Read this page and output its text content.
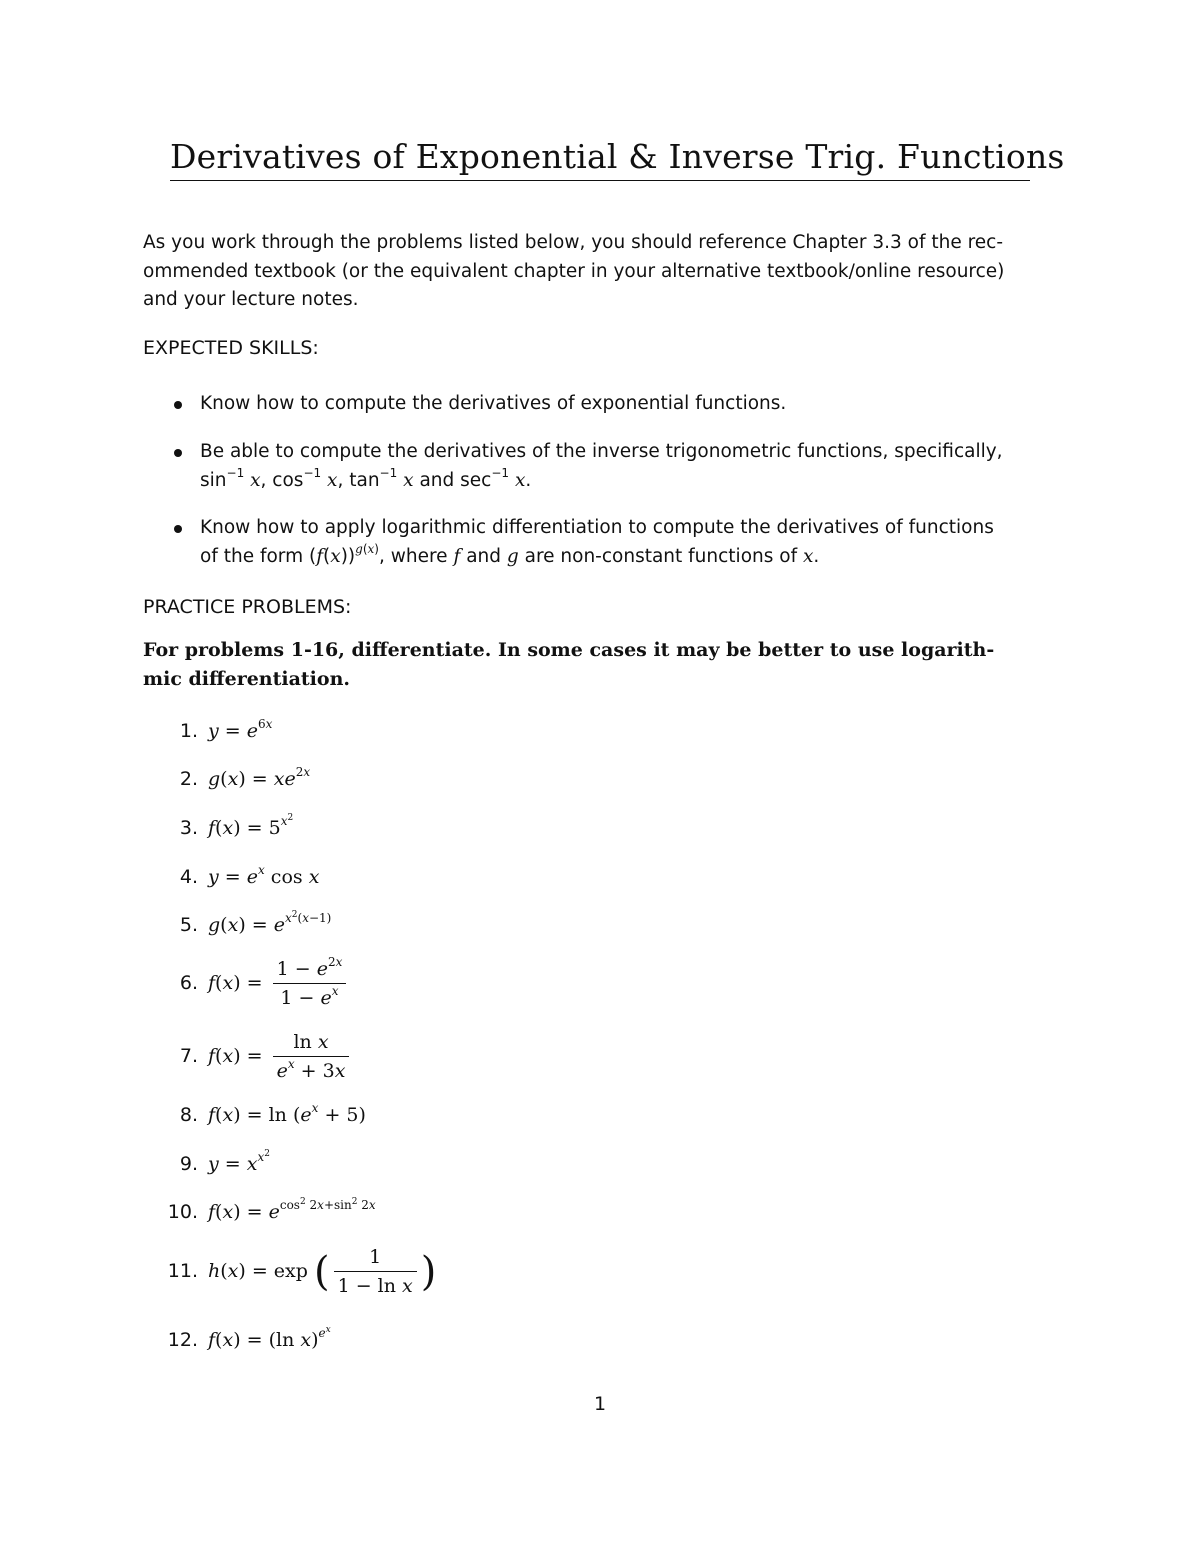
Derivatives of Exponential & Inverse Trig. Functions
As you work through the problems listed below, you should reference Chapter 3.3 of the rec-
ommended textbook (or the equivalent chapter in your alternative textbook/online resource)
and your lecture notes.
EXPECTED SKILLS:
Know how to compute the derivatives of exponential functions.
Be able to compute the derivatives of the inverse trigonometric functions, specifically,
$\sin^{-1} x$, $\cos^{-1} x$, $\tan^{-1} x$ and $\sec^{-1} x$.
Know how to apply logarithmic differentiation to compute the derivatives of functions
of the form $(f(x))^{g(x)}$, where f and g are non-constant functions of x.
PRACTICE PROBLEMS:
For problems 1-16, differentiate. In some cases it may be better to use logarith-
mic differentiation.
1. $y = e^{6x}$
2. $g(x) = xe^{2x}$
3. $f(x) = 5^{x^2}$
4. $y = e^x$ cos x
5. $g(x) = e^{x^2(x-1)}$
6. $f(x) = \frac{1 - e^{2x}}{1 - e^x}$
7. $f(x) = \frac{\text{ln x}}{e^x + 3x}$
8. $f(x) = \ln (e^x + 5)$
9. $y = x^{x^2}$
10. $f(x) = e^{cos^2 2x+sin^2 2x}$
11. h(x) = exp ( $\frac{1}{\text{1 − ln x}}$ )
12. f(x) = (ln x)$^{e^x}$
1
